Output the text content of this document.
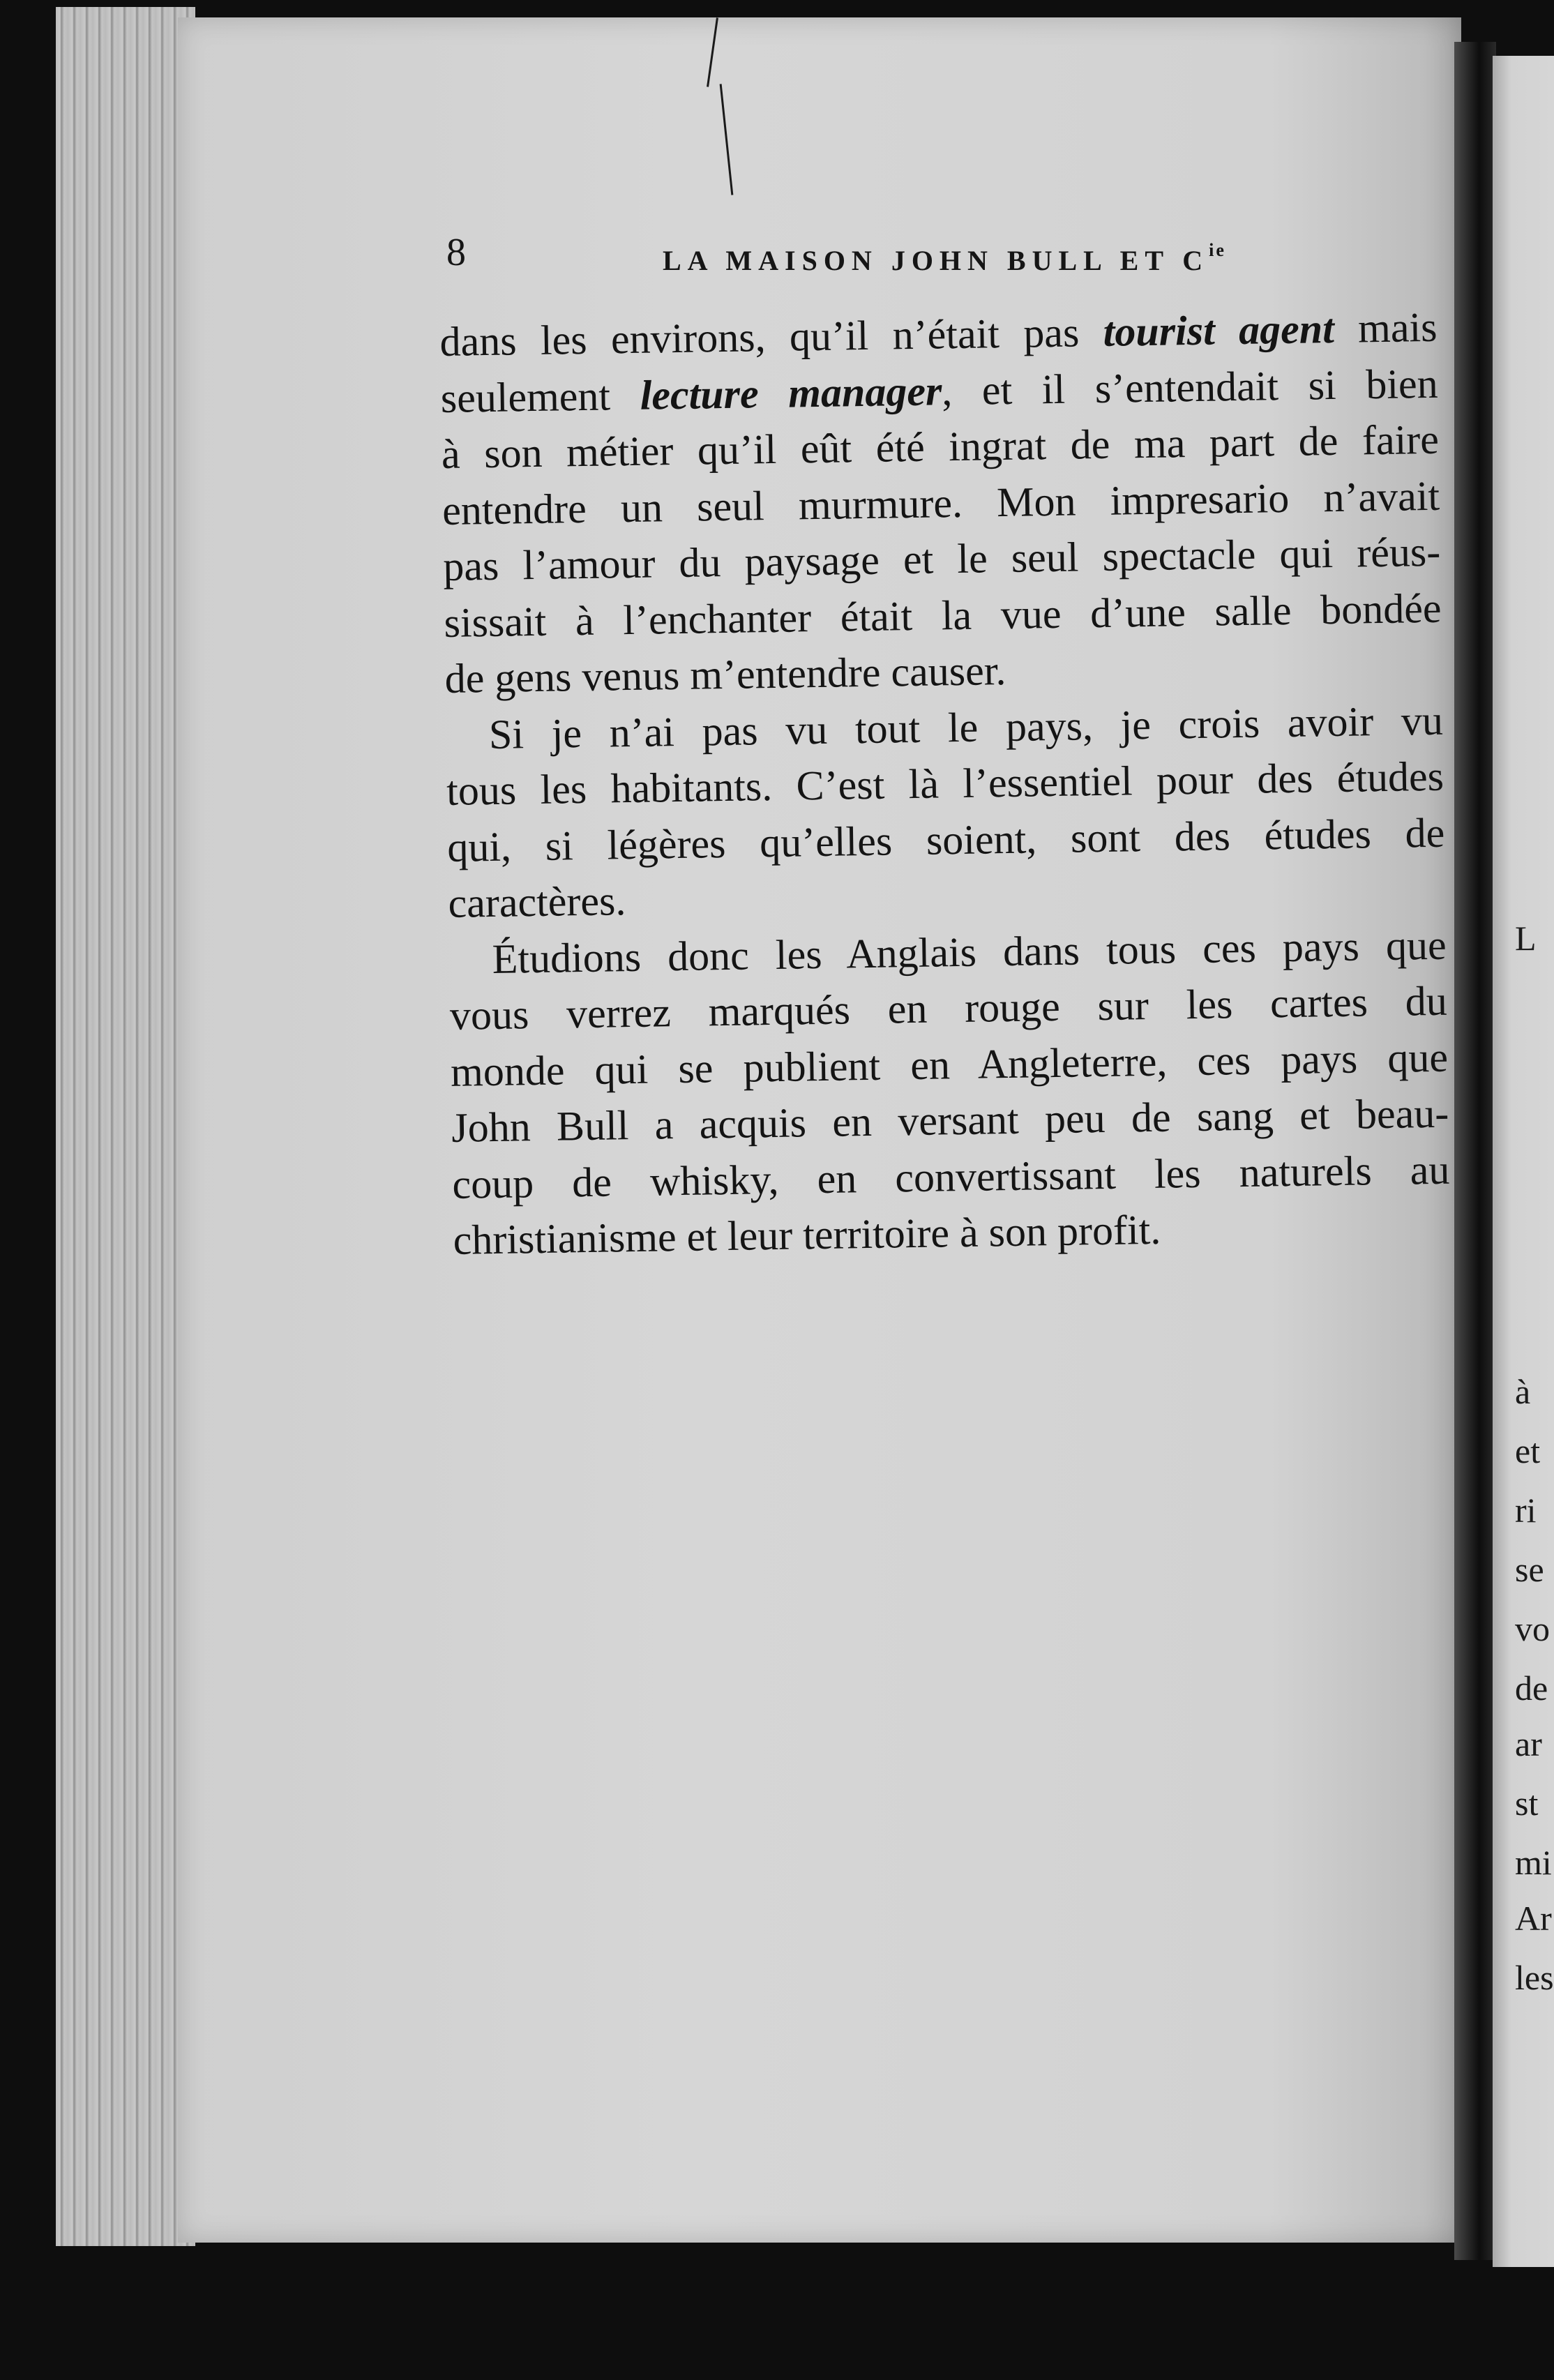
L
à
et
ri
se
vo
de
ar
st
mi
Ar
les
8	LA MAISON JOHN BULL ET $C^{ie}$
dans les environs, qu’il n’était pas tourist agent mais
seulement lecture manager, et il s’entendait si bien
à son métier qu’il eût été ingrat de ma part de faire
entendre un seul murmure. Mon impresario n’avait
pas l’amour du paysage et le seul spectacle qui réus-
sissait à l’enchanter était la vue d’une salle bondée
de gens venus m’entendre causer.
Si je n’ai pas vu tout le pays, je crois avoir vu
tous les habitants. C’est là l’essentiel pour des études
qui, si légères qu’elles soient, sont des études de
caractères.
Étudions donc les Anglais dans tous ces pays que
vous verrez marqués en rouge sur les cartes du
monde qui se publient en Angleterre, ces pays que
John Bull a acquis en versant peu de sang et beau-
coup de whisky, en convertissant les naturels au
christianisme et leur territoire à son profit.
